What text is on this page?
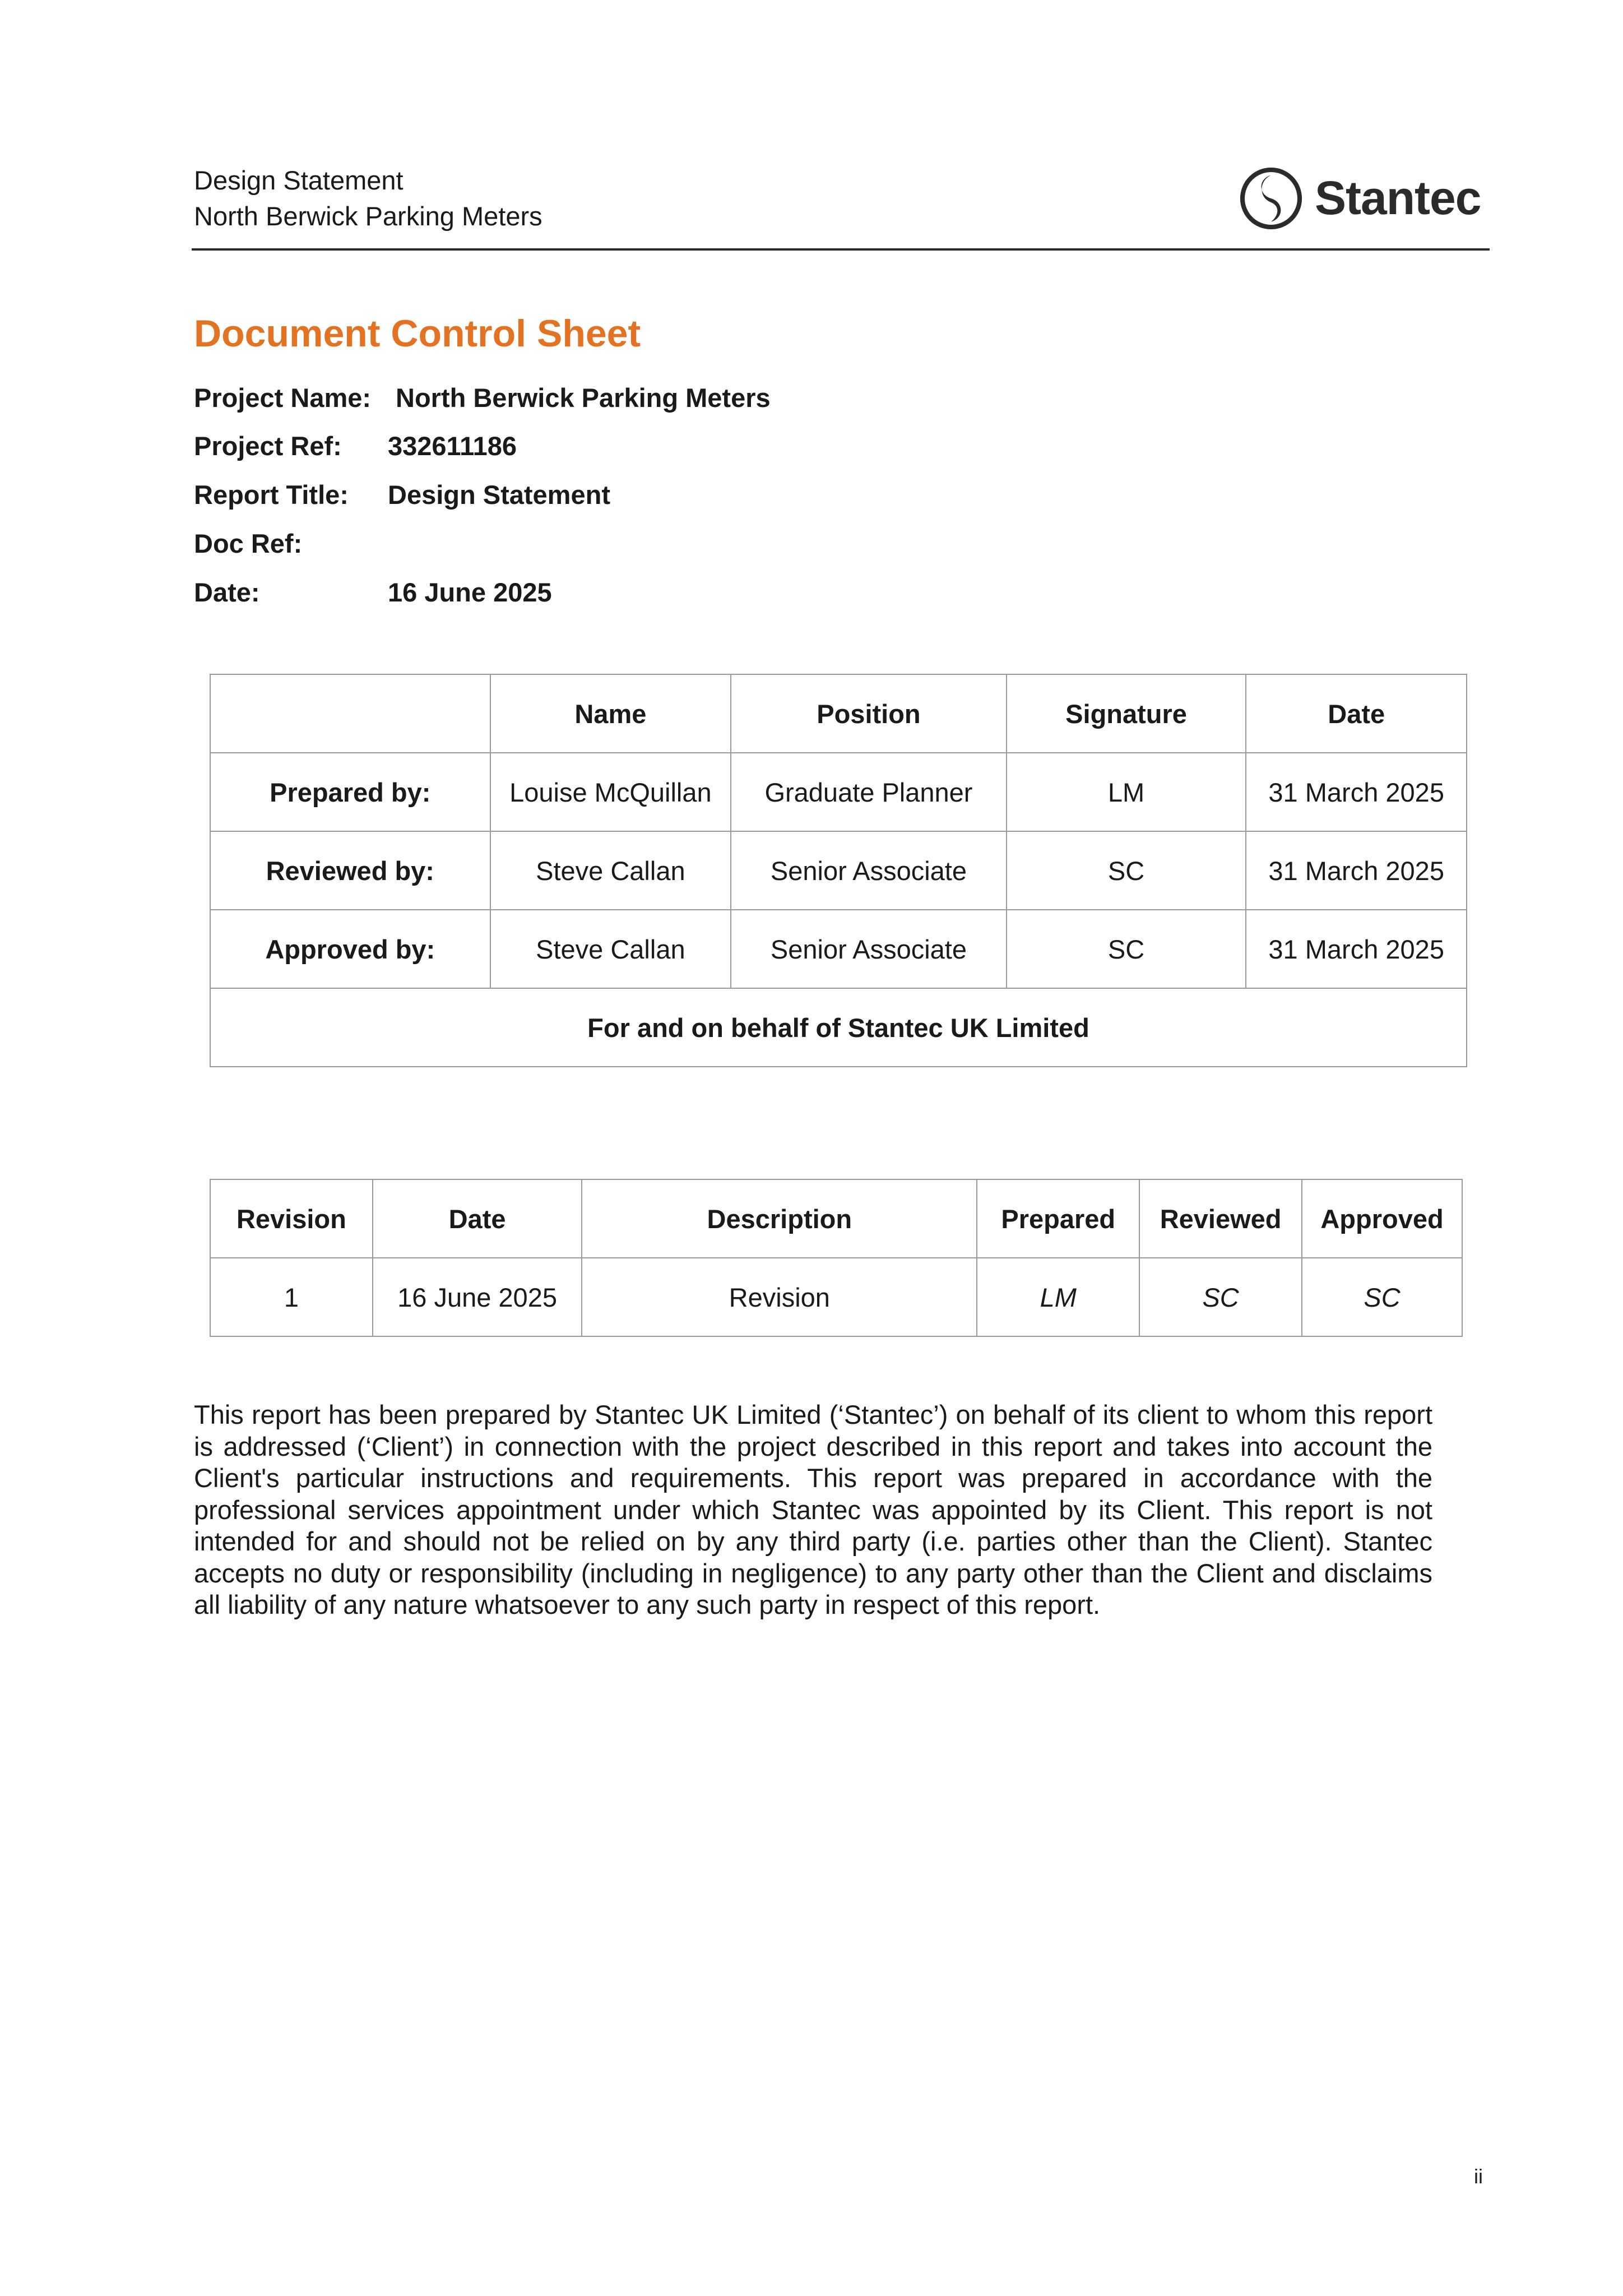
Design Statement
North Berwick Parking Meters	Stantec
Document Control Sheet
Project Name: North Berwick Parking Meters
Project Ref: 332611186
Report Title: Design Statement
Doc Ref:
Date:	16 June 2025
	Name	Position	Signature	Date
Prepared by:	Louise McQuillan	Graduate Planner	LM	31 March 2025
Reviewed by:	Steve Callan	Senior Associate	SC	31 March 2025
Approved by:	Steve Callan	Senior Associate	SC	31 March 2025
For and on behalf of Stantec UK Limited				
Revision	Date	Description	Prepared	Reviewed	Approved
1	16 June 2025	Revision	LM	SC	SC
This report has been prepared by Stantec UK Limited (‘Stantec’) on behalf of its client to whom this report is addressed (‘Client’) in connection with the project described in this report and takes into account the Client's particular instructions and requirements. This report was prepared in accordance with the professional services appointment under which Stantec was appointed by its Client. This report is not intended for and should not be relied on by any third party (i.e. parties other than the Client). Stantec accepts no duty or responsibility (including in negligence) to any party other than the Client and disclaims all liability of any nature whatsoever to any such party in respect of this report.
ii
